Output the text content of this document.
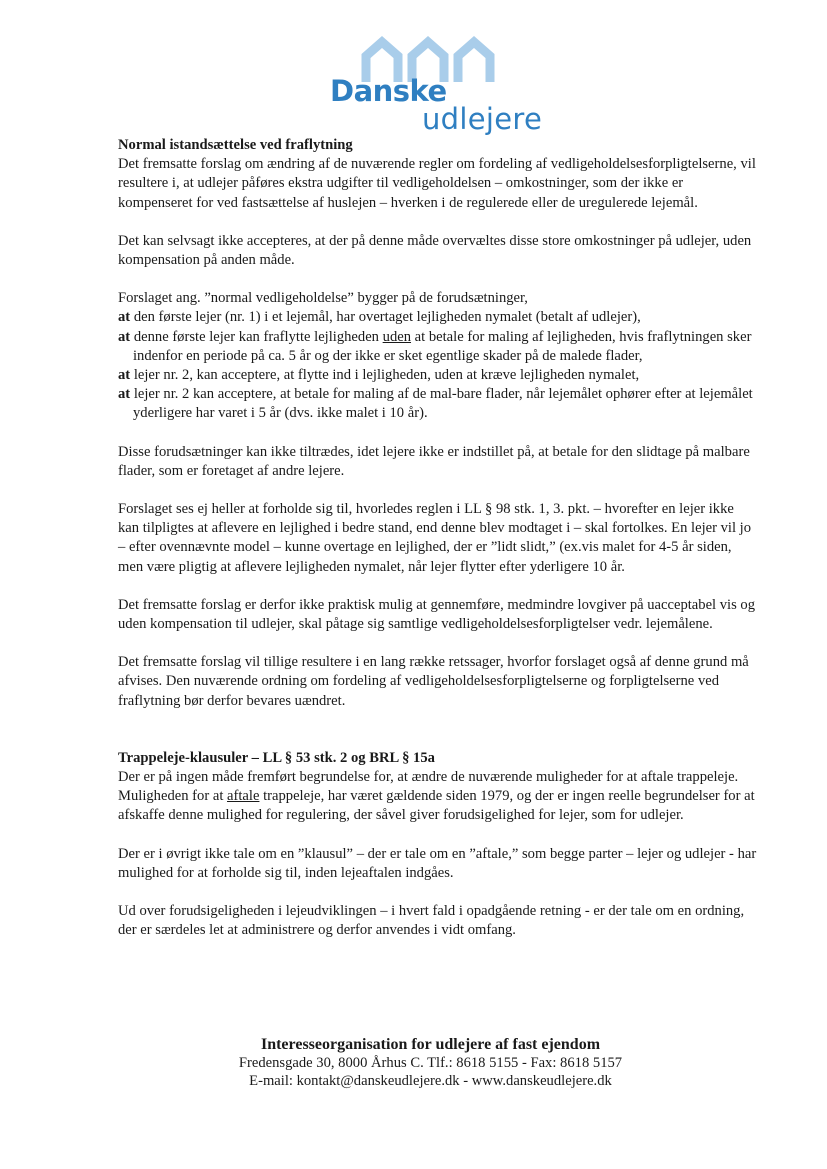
Danske
udlejere

Normal istandsættelse ved fraflytning

Det fremsatte forslag om ændring af de nuværende regler om fordeling af vedligeholdelsesforpligtelserne, vil resultere i, at udlejer påføres ekstra udgifter til vedligeholdelsen – omkostninger, som der ikke er kompenseret for ved fastsættelse af huslejen – hverken i de regulerede eller de uregulerede lejemål.

Det kan selvsagt ikke accepteres, at der på denne måde overvæltes disse store omkostninger på udlejer, uden kompensation på anden måde.

Forslaget ang. ”normal vedligeholdelse” bygger på de forudsætninger,

at den første lejer (nr. 1) i et lejemål, har overtaget lejligheden nymalet (betalt af udlejer),

at denne første lejer kan fraflytte lejligheden uden at betale for maling af lejligheden, hvis fraflytningen sker indenfor en periode på ca. 5 år og der ikke er sket egentlige skader på de malede flader,

at lejer nr. 2, kan acceptere, at flytte ind i lejligheden, uden at kræve lejligheden nymalet,

at lejer nr. 2 kan acceptere, at betale for maling af de mal-bare flader, når lejemålet ophører efter at lejemålet yderligere har varet i 5 år (dvs. ikke malet i 10 år).

Disse forudsætninger kan ikke tiltrædes, idet lejere ikke er indstillet på, at betale for den slidtage på malbare flader, som er foretaget af andre lejere.

Forslaget ses ej heller at forholde sig til, hvorledes reglen i LL § 98 stk. 1, 3. pkt. – hvorefter en lejer ikke kan tilpligtes at aflevere en lejlighed i bedre stand, end denne blev modtaget i – skal fortolkes. En lejer vil jo – efter ovennævnte model – kunne overtage en lejlighed, der er ”lidt slidt,” (ex.vis malet for 4-5 år siden, men være pligtig at aflevere lejligheden nymalet, når lejer flytter efter yderligere 10 år.

Det fremsatte forslag er derfor ikke praktisk mulig at gennemføre, medmindre lovgiver på uacceptabel vis og uden kompensation til udlejer, skal påtage sig samtlige vedligeholdelsesforpligtelser vedr. lejemålene.

Det fremsatte forslag vil tillige resultere i en lang række retssager, hvorfor forslaget også af denne grund må afvises. Den nuværende ordning om fordeling af vedligeholdelsesforpligtelserne og forpligtelserne ved fraflytning bør derfor bevares uændret.

Trappeleje-klausuler – LL § 53 stk. 2 og BRL § 15a

Der er på ingen måde fremført begrundelse for, at ændre de nuværende muligheder for at aftale trappeleje. Muligheden for at aftale trappeleje, har været gældende siden 1979, og der er ingen reelle begrundelser for at afskaffe denne mulighed for regulering, der såvel giver forudsigelighed for lejer, som for udlejer.

Der er i øvrigt ikke tale om en ”klausul” – der er tale om en ”aftale,” som begge parter – lejer og udlejer - har mulighed for at forholde sig til, inden lejeaftalen indgåes.

Ud over forudsigeligheden i lejeudviklingen – i hvert fald i opadgående retning - er der tale om en ordning, der er særdeles let at administrere og derfor anvendes i vidt omfang.

Interesseorganisation for udlejere af fast ejendom
Fredensgade 30, 8000 Århus C. Tlf.: 8618 5155 - Fax: 8618 5157
E-mail: kontakt@danskeudlejere.dk - www.danskeudlejere.dk
